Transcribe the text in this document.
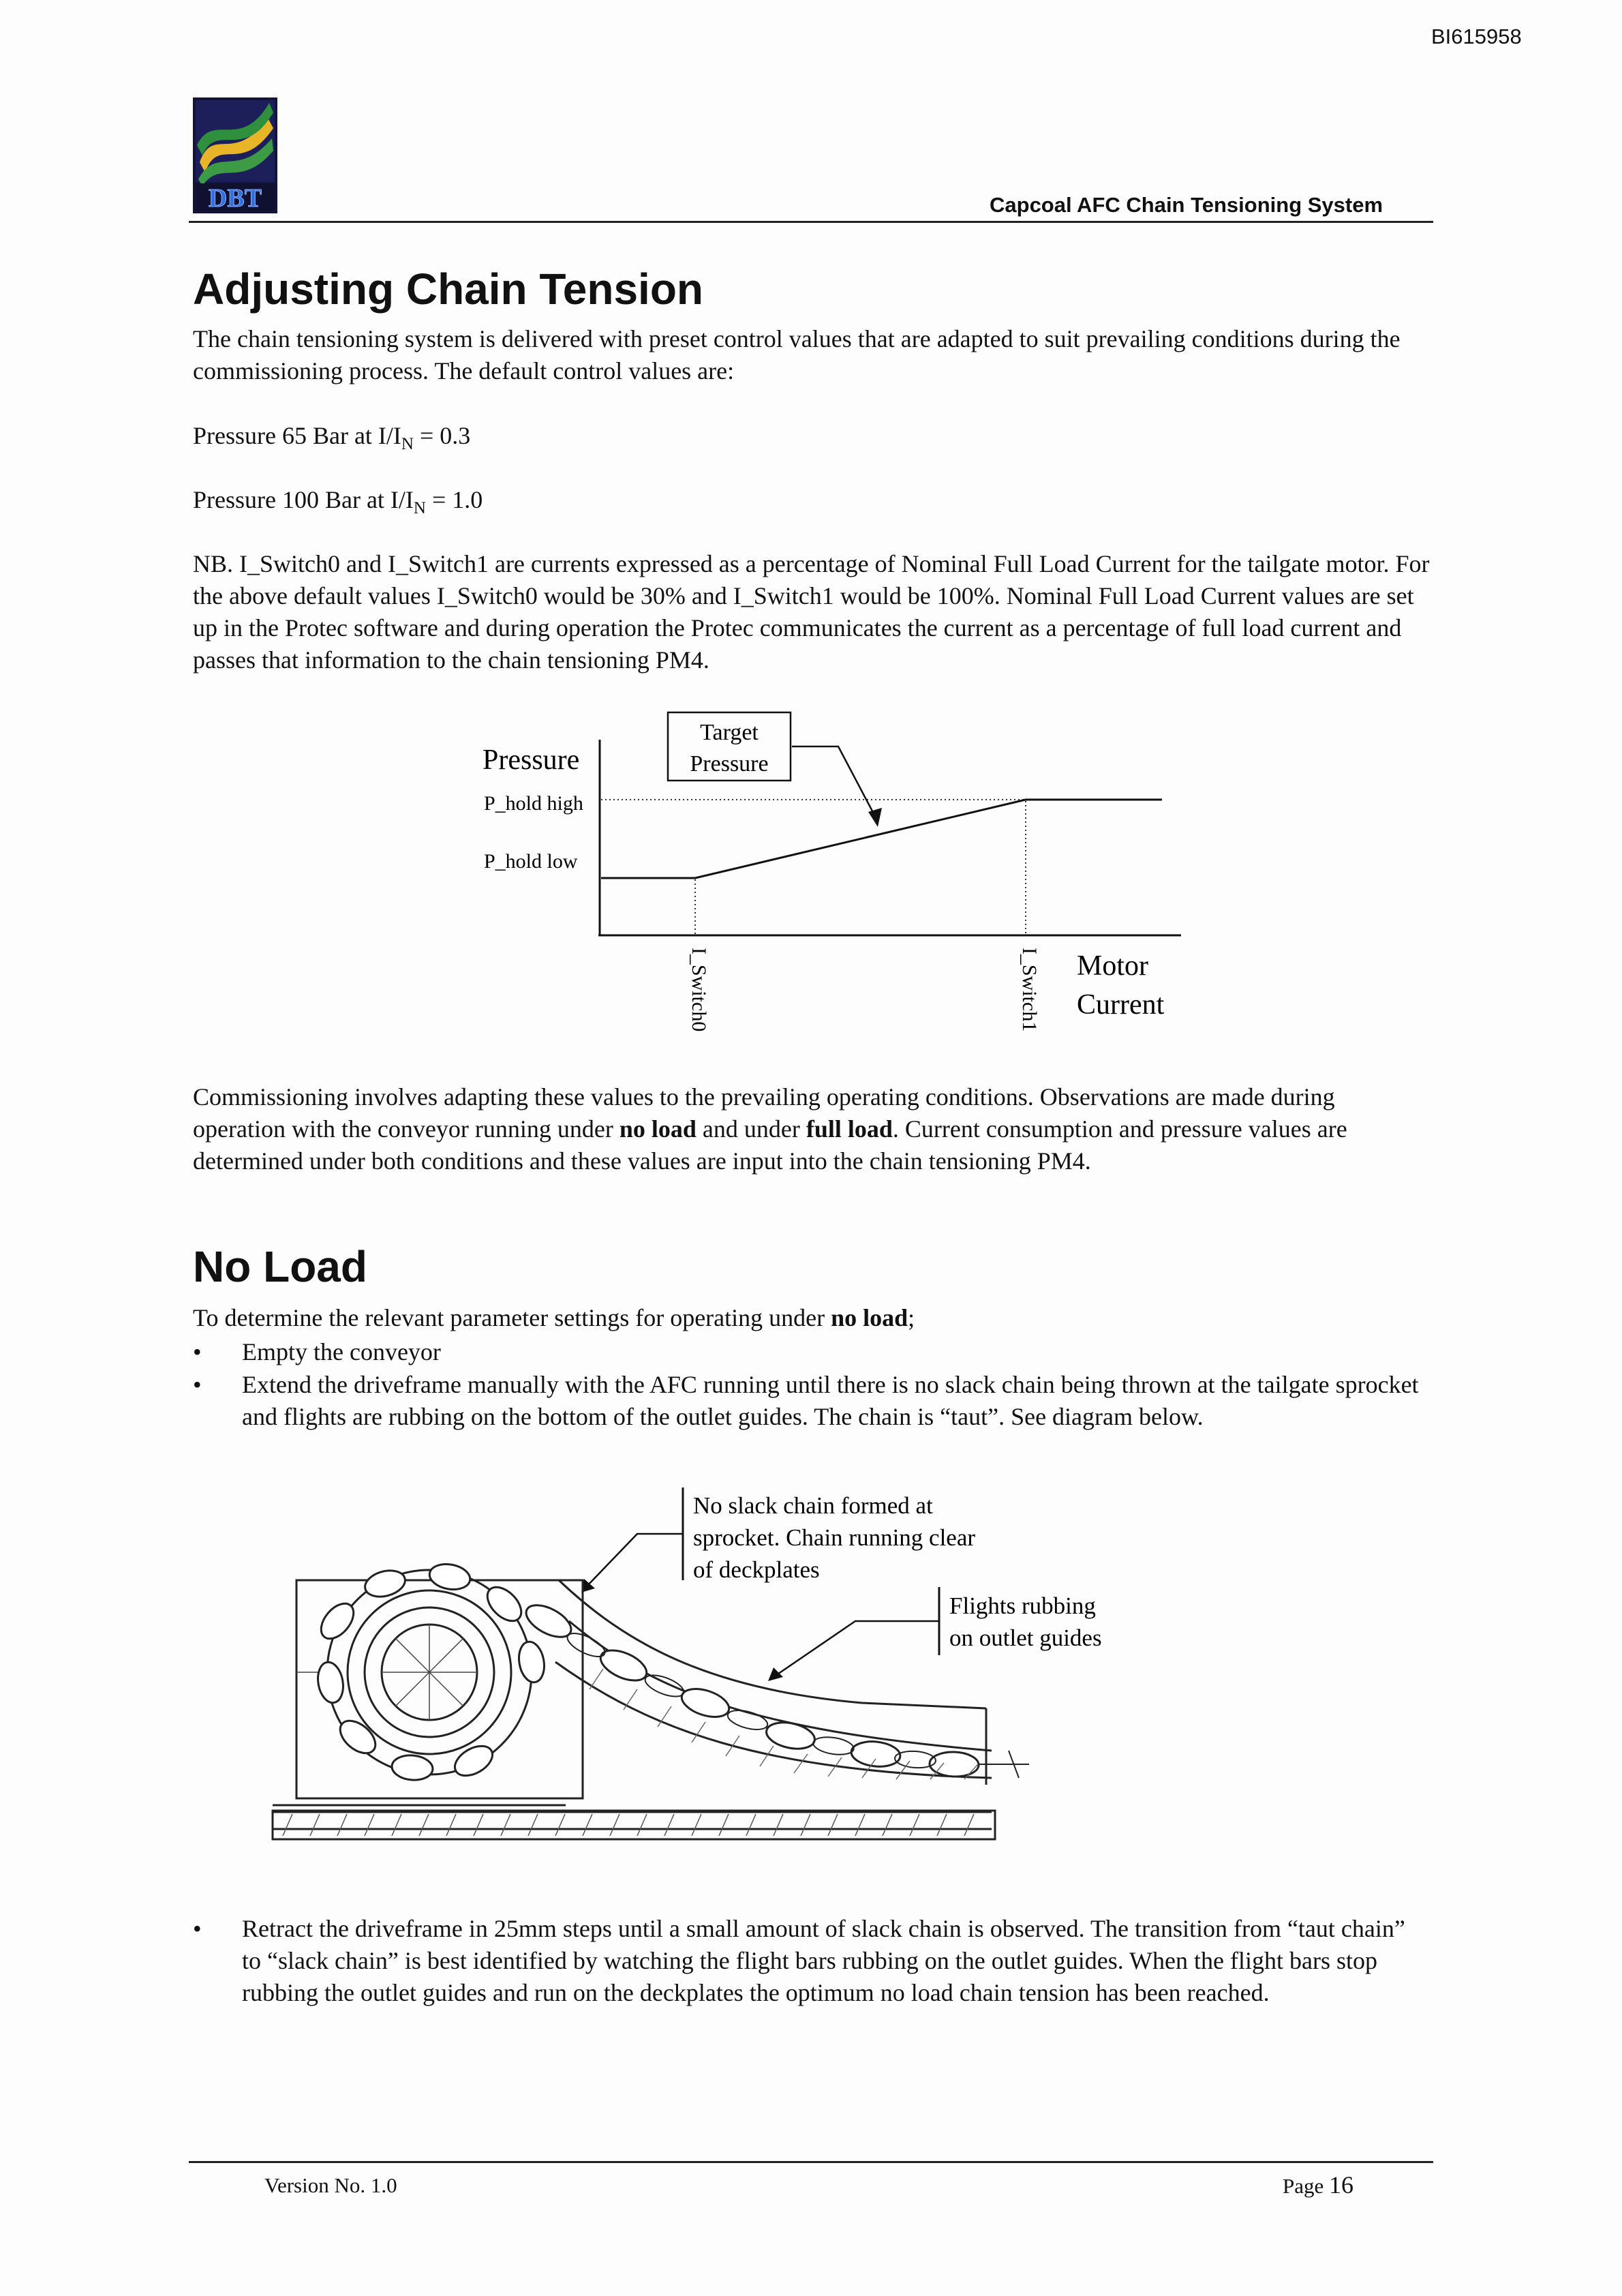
BI615958
DBT	Capcoal AFC Chain Tensioning System
Adjusting Chain Tension
The chain tensioning system is delivered with preset control values that are adapted to suit prevailing conditions during the commissioning process. The default control values are:
Pressure 65 Bar at $I/I_N = 0.3$
Pressure 100 Bar at $I/I_N = 1.0$
NB. I_Switch0 and I_Switch1 are currents expressed as a percentage of Nominal Full Load Current for the tailgate motor. For the above default values I_Switch0 would be 30% and I_Switch1 would be 100%. Nominal Full Load Current values are set up in the Protec software and during operation the Protec communicates the current as a percentage of full load current and passes that information to the chain tensioning PM4.
Target
Pressure
Pressure
P_hold high
P_hold low
Motor
Current
I_Switch0	I_Switch1
Commissioning involves adapting these values to the prevailing operating conditions. Observations are made during operation with the conveyor running under no load and under full load. Current consumption and pressure values are determined under both conditions and these values are input into the chain tensioning PM4.
No Load
To determine the relevant parameter settings for operating under no load;
• Empty the conveyor
• Extend the driveframe manually with the AFC running until there is no slack chain being thrown at the tailgate sprocket and flights are rubbing on the bottom of the outlet guides. The chain is “taut”. See diagram below.
No slack chain formed at
sprocket. Chain running clear
of deckplates
Flights rubbing
on outlet guides
• Retract the driveframe in 25mm steps until a small amount of slack chain is observed. The transition from “taut chain” to “slack chain” is best identified by watching the flight bars rubbing on the outlet guides. When the flight bars stop rubbing the outlet guides and run on the deckplates the optimum no load chain tension has been reached.
Version No. 1.0	Page 16
